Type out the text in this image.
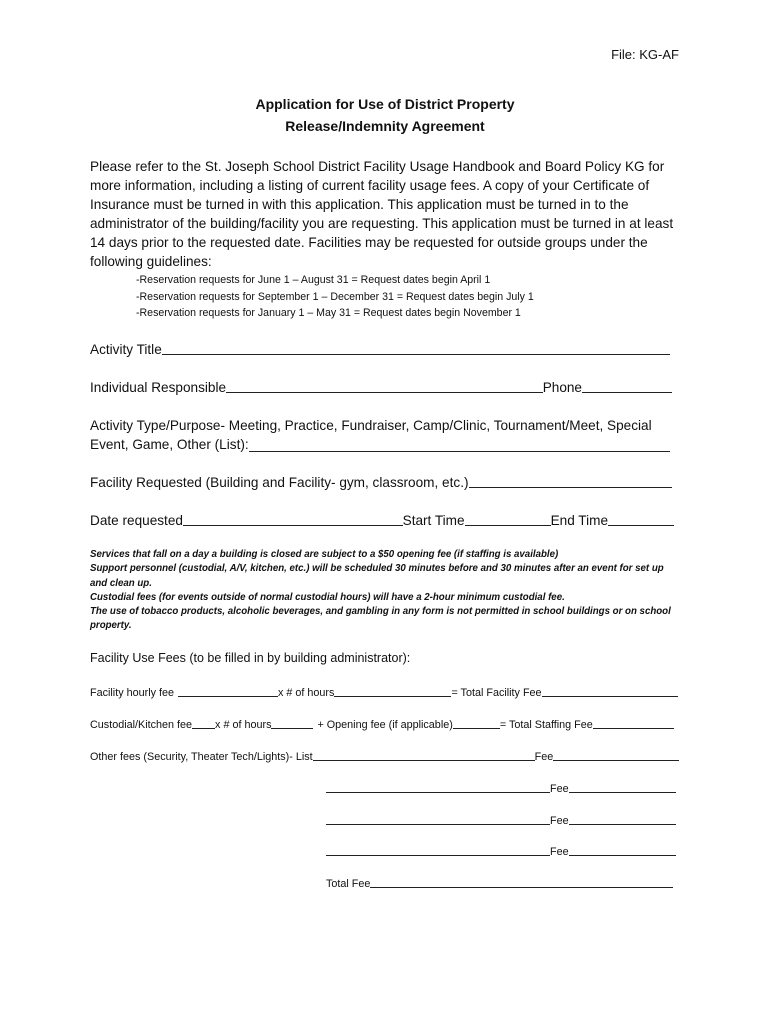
File: KG-AF
Application for Use of District Property
Release/Indemnity Agreement
Please refer to the St. Joseph School District Facility Usage Handbook and Board Policy KG for more information, including a listing of current facility usage fees. A copy of your Certificate of Insurance must be turned in with this application. This application must be turned in to the administrator of the building/facility you are requesting. This application must be turned in at least 14 days prior to the requested date. Facilities may be requested for outside groups under the following guidelines:
-Reservation requests for June 1 – August 31 = Request dates begin April 1
-Reservation requests for September 1 – December 31 = Request dates begin July 1
-Reservation requests for January 1 – May 31 = Request dates begin November 1
Activity Title
Individual Responsible	Phone
Activity Type/Purpose- Meeting, Practice, Fundraiser, Camp/Clinic, Tournament/Meet, Special
Event, Game, Other (List):
Facility Requested (Building and Facility- gym, classroom, etc.)
Date requested	Start Time	End Time
Services that fall on a day a building is closed are subject to a $50 opening fee (if staffing is available)
Support personnel (custodial, A/V, kitchen, etc.) will be scheduled 30 minutes before and 30 minutes after an event for set up and clean up.
Custodial fees (for events outside of normal custodial hours) will have a 2-hour minimum custodial fee.
The use of tobacco products, alcoholic beverages, and gambling in any form is not permitted in school buildings or on school property.
Facility Use Fees (to be filled in by building administrator):
Facility hourly fee	x # of hours	= Total Facility Fee
Custodial/Kitchen fee x # of hours	+ Opening fee (if applicable)	= Total Staffing Fee
Other fees (Security, Theater Tech/Lights)- List	Fee
Fee
Fee
Fee
Total Fee
